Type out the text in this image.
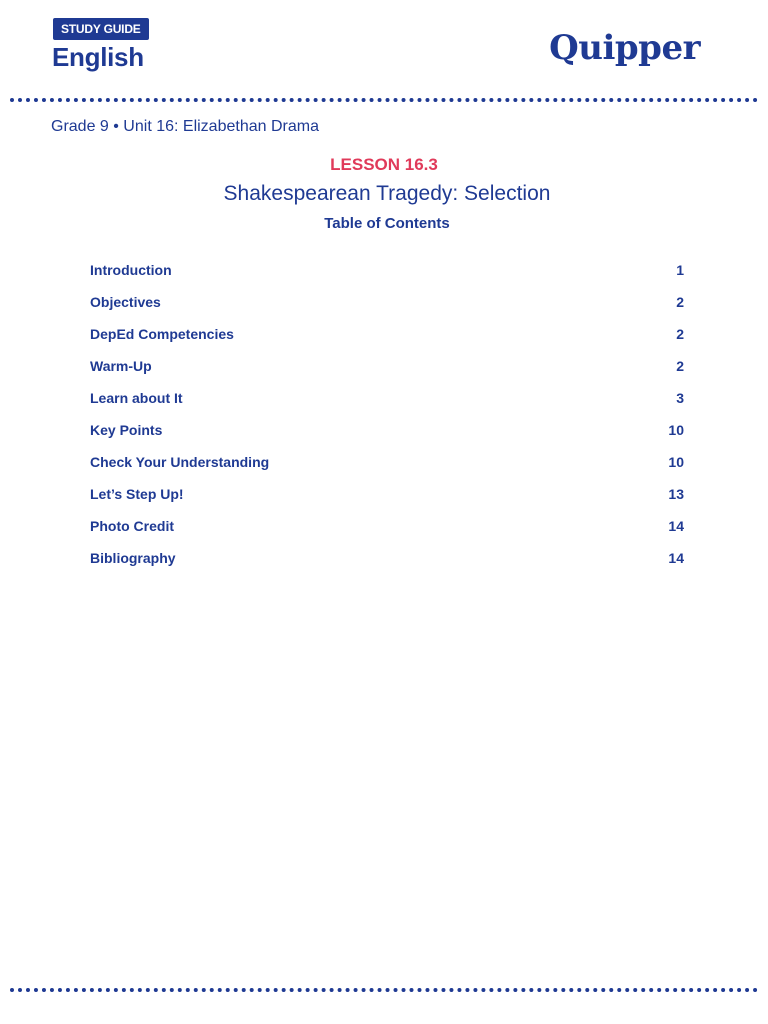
STUDY GUIDE
English	Quipper
Grade 9 • Unit 16: Elizabethan Drama
LESSON 16.3
Shakespearean Tragedy: Selection
Table of Contents
Introduction	1
Objectives	2
DepEd Competencies	2
Warm-Up	2
Learn about It	3
Key Points	10
Check Your Understanding	10
Let’s Step Up!	13
Photo Credit	14
Bibliography	14
